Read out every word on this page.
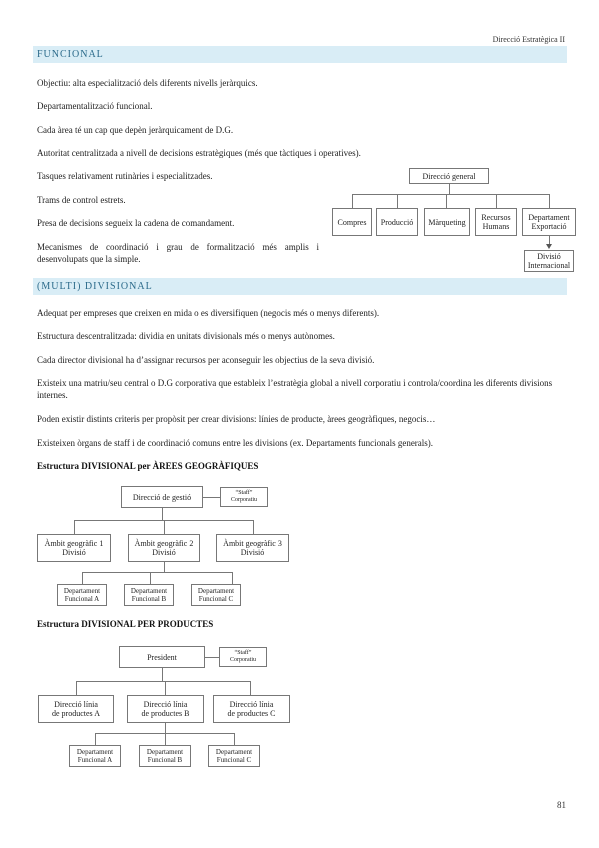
Direcció Estratègica II
FUNCIONAL
Objectiu: alta especialització dels diferents nivells jeràrquics.
Departamentalització funcional.
Cada àrea té un cap que depèn jeràrquicament de D.G.
Autoritat centralitzada a nivell de decisions estratègiques (més que tàctiques i operatives).
Tasques relativament rutinàries i especialitzades.
Trams de control estrets.
Presa de decisions segueix la cadena de comandament.
Mecanismes de coordinació i grau de formalització més amplis i desenvolupats que la simple.
Direcció general
Compres	Producció	Màrqueting	Recursos
Humans
Departament
Exportació
Divisió
Internacional
(MULTI) DIVISIONAL
Adequat per empreses que creixen en mida o es diversifiquen (negocis més o menys diferents).
Estructura descentralitzada: dividia en unitats divisionals més o menys autònomes.
Cada director divisional ha d’assignar recursos per aconseguir les objectius de la seva divisió.
Existeix una matriu/seu central o D.G corporativa que estableix l’estratègia global a nivell corporatiu i controla/coordina les diferents divisions internes.
Poden existir distints criteris per propòsit per crear divisions: línies de producte, àrees geogràfiques, negocis…
Existeixen òrgans de staff i de coordinació comuns entre les divisions (ex. Departaments funcionals generals).
Estructura DIVISIONAL per ÀREES GEOGRÀFIQUES
Direcció de gestió	“Staff”
Corporatiu
Àmbit geogràfic 1
Divisió
Àmbit geogràfic 2
Divisió
Àmbit geogràfic 3
Divisió
Departament
Funcional A
Departament
Funcional B
Departament
Funcional C
Estructura DIVISIONAL PER PRODUCTES
President	“Staff”
Corporatiu
Direcció línia
de productes A
Direcció línia
de productes B
Direcció línia
de productes C
Departament
Funcional A
Departament
Funcional B
Departament
Funcional C
81
